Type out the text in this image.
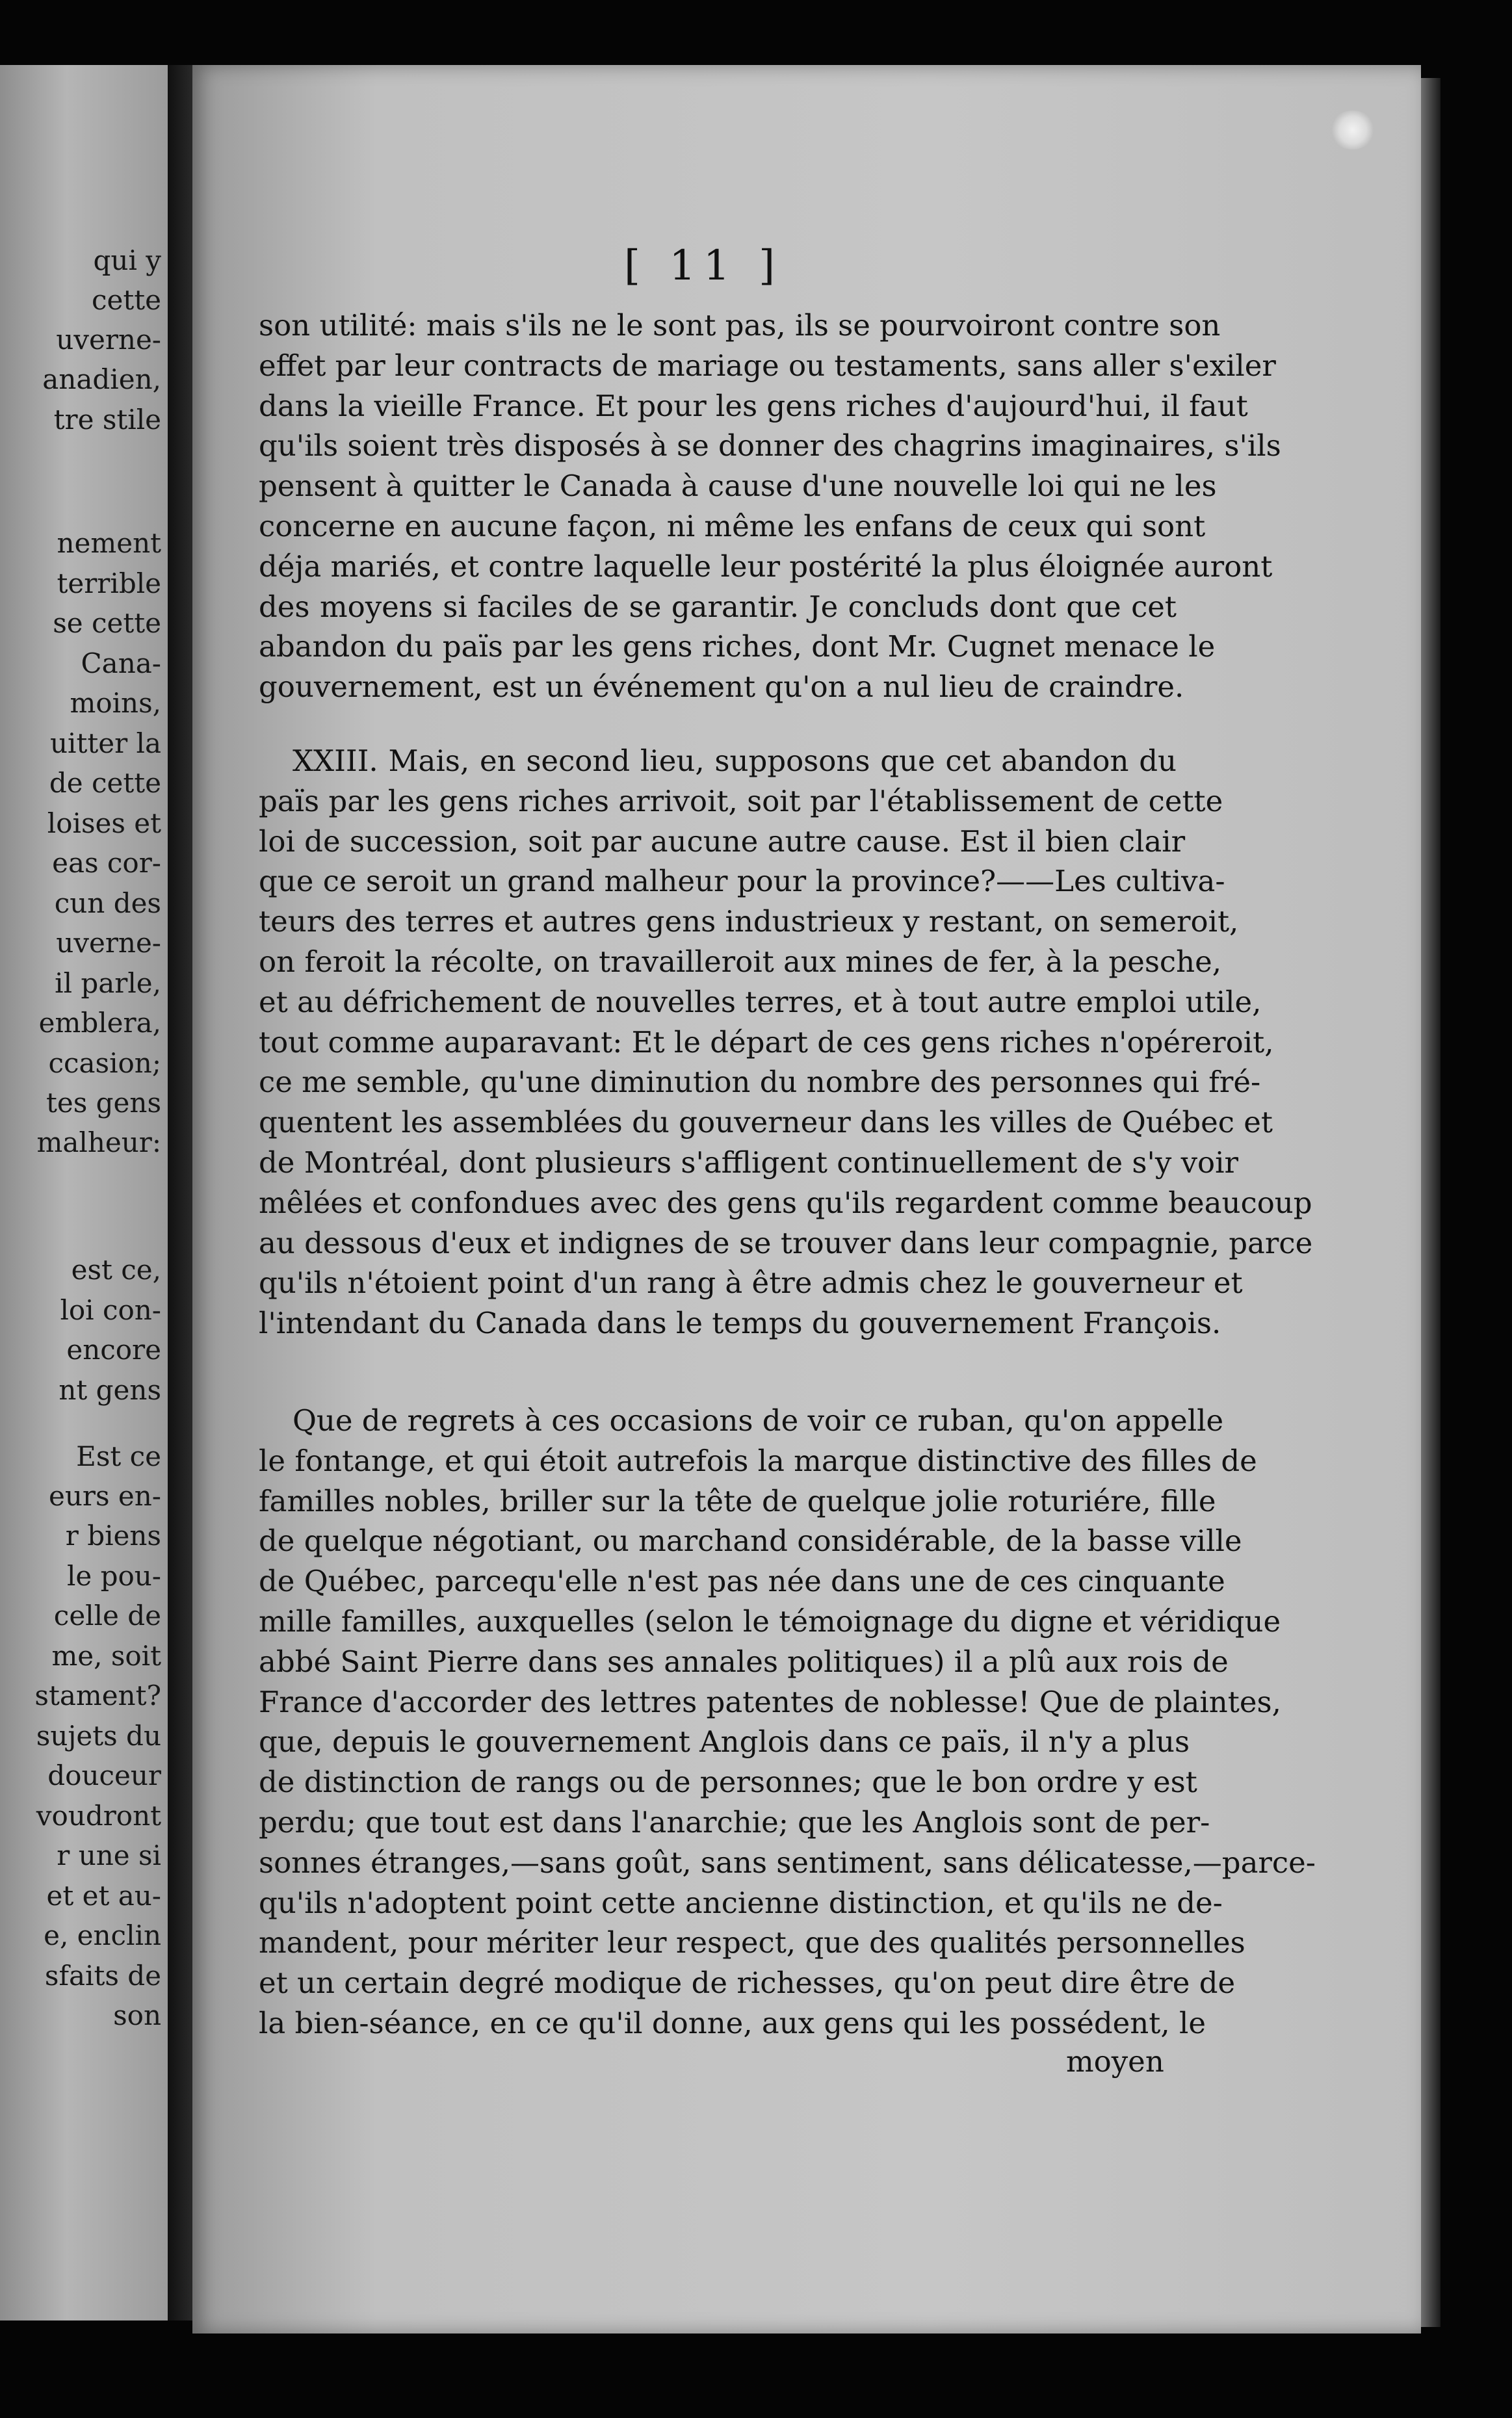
qui y
cette
uverne-
anadien,
tre stile
nement
terrible
se cette
Cana-
moins,
uitter la
de cette
loises et
eas cor-
cun des
uverne-
il parle,
emblera,
ccasion;
tes gens
malheur:
est ce,
loi con-
encore
nt gens
Est ce
eurs en-
r biens
le pou-
celle de
me, soit
stament?
sujets du
douceur
voudront
r une si
et et au-
e, enclin
sfaits de
son
[ 11 ]
son utilité: mais s'ils ne le sont pas, ils se pourvoiront contre son
effet par leur contracts de mariage ou testaments, sans aller s'exiler
dans la vieille France. Et pour les gens riches d'aujourd'hui, il faut
qu'ils soient très disposés à se donner des chagrins imaginaires, s'ils
pensent à quitter le Canada à cause d'une nouvelle loi qui ne les
concerne en aucune façon, ni même les enfans de ceux qui sont
déja mariés, et contre laquelle leur postérité la plus éloignée auront
des moyens si faciles de se garantir. Je concluds dont que cet
abandon du païs par les gens riches, dont Mr. Cugnet menace le
gouvernement, est un événement qu'on a nul lieu de craindre.
XXIII. Mais, en second lieu, supposons que cet abandon du
païs par les gens riches arrivoit, soit par l'établissement de cette
loi de succession, soit par aucune autre cause. Est il bien clair
que ce seroit un grand malheur pour la province?——Les cultiva-
teurs des terres et autres gens industrieux y restant, on semeroit,
on feroit la récolte, on travailleroit aux mines de fer, à la pesche,
et au défrichement de nouvelles terres, et à tout autre emploi utile,
tout comme auparavant: Et le départ de ces gens riches n'opéreroit,
ce me semble, qu'une diminution du nombre des personnes qui fré-
quentent les assemblées du gouverneur dans les villes de Québec et
de Montréal, dont plusieurs s'affligent continuellement de s'y voir
mêlées et confondues avec des gens qu'ils regardent comme beaucoup
au dessous d'eux et indignes de se trouver dans leur compagnie, parce
qu'ils n'étoient point d'un rang à être admis chez le gouverneur et
l'intendant du Canada dans le temps du gouvernement François.
Que de regrets à ces occasions de voir ce ruban, qu'on appelle
le fontange, et qui étoit autrefois la marque distinctive des filles de
familles nobles, briller sur la tête de quelque jolie roturiére, fille
de quelque négotiant, ou marchand considérable, de la basse ville
de Québec, parcequ'elle n'est pas née dans une de ces cinquante
mille familles, auxquelles (selon le témoignage du digne et véridique
abbé Saint Pierre dans ses annales politiques) il a plû aux rois de
France d'accorder des lettres patentes de noblesse! Que de plaintes,
que, depuis le gouvernement Anglois dans ce païs, il n'y a plus
de distinction de rangs ou de personnes; que le bon ordre y est
perdu; que tout est dans l'anarchie; que les Anglois sont de per-
sonnes étranges,—sans goût, sans sentiment, sans délicatesse,—parce-
qu'ils n'adoptent point cette ancienne distinction, et qu'ils ne de-
mandent, pour mériter leur respect, que des qualités personnelles
et un certain degré modique de richesses, qu'on peut dire être de
la bien-séance, en ce qu'il donne, aux gens qui les possédent, le
moyen
